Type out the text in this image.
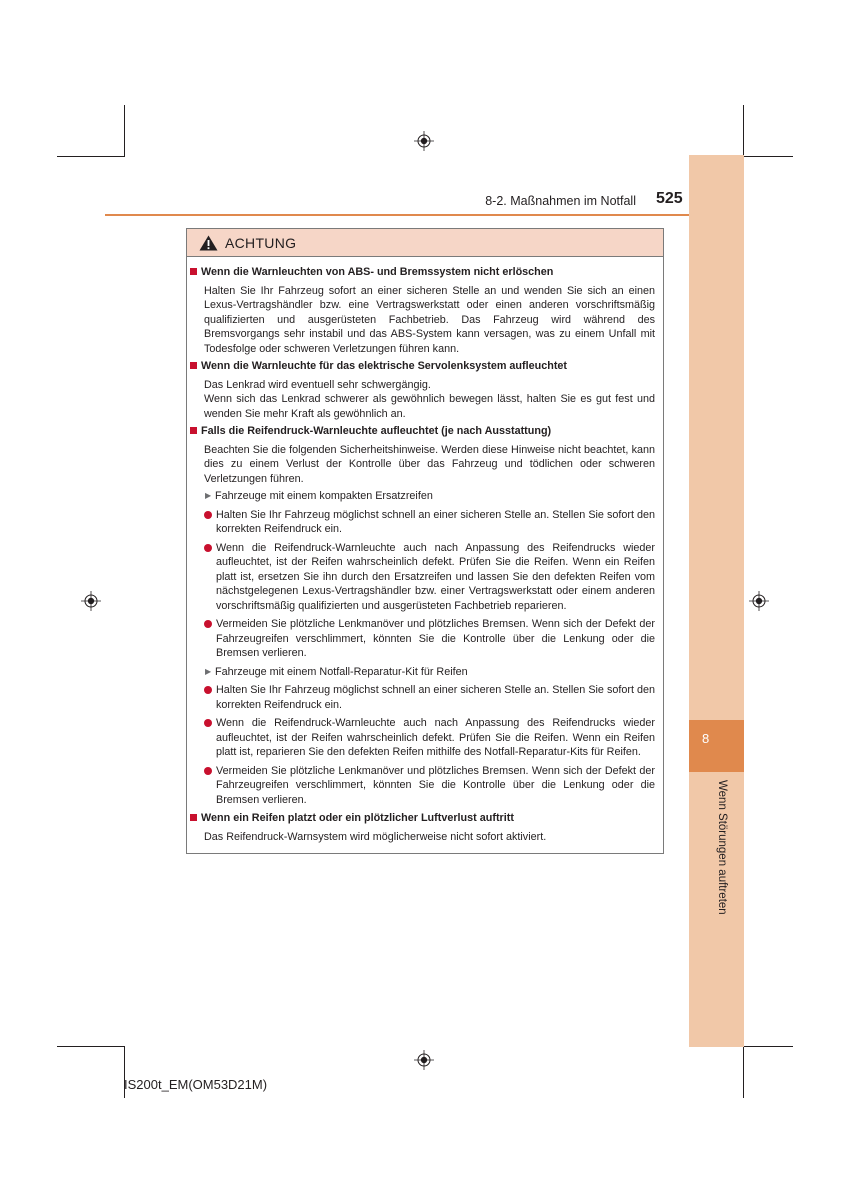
8
Wenn Störungen auftreten
8-2. Maßnahmen im Notfall 525
ACHTUNG
Wenn die Warnleuchten von ABS- und Bremssystem nicht erlöschen

Halten Sie Ihr Fahrzeug sofort an einer sicheren Stelle an und wenden Sie sich an einen Lexus-Vertragshändler bzw. eine Vertragswerkstatt oder einen anderen vorschriftsmäßig qualifizierten und ausgerüsteten Fachbetrieb. Das Fahrzeug wird während des Bremsvorgangs sehr instabil und das ABS-System kann versagen, was zu einem Unfall mit Todesfolge oder schweren Verletzungen führen kann.

Wenn die Warnleuchte für das elektrische Servolenksystem aufleuchtet

Das Lenkrad wird eventuell sehr schwergängig.

Wenn sich das Lenkrad schwerer als gewöhnlich bewegen lässt, halten Sie es gut fest und wenden Sie mehr Kraft als gewöhnlich an.

Falls die Reifendruck-Warnleuchte aufleuchtet (je nach Ausstattung)

Beachten Sie die folgenden Sicherheitshinweise. Werden diese Hinweise nicht beachtet, kann dies zu einem Verlust der Kontrolle über das Fahrzeug und tödlichen oder schweren Verletzungen führen.

▶ Fahrzeuge mit einem kompakten Ersatzreifen
Halten Sie Ihr Fahrzeug möglichst schnell an einer sicheren Stelle an. Stellen Sie sofort den korrekten Reifendruck ein.
Wenn die Reifendruck-Warnleuchte auch nach Anpassung des Reifendrucks wieder aufleuchtet, ist der Reifen wahrscheinlich defekt. Prüfen Sie die Reifen. Wenn ein Reifen platt ist, ersetzen Sie ihn durch den Ersatzreifen und lassen Sie den defekten Reifen vom nächstgelegenen Lexus-Vertragshändler bzw. einer Vertragswerkstatt oder einem anderen vorschriftsmäßig qualifizierten und ausgerüsteten Fachbetrieb reparieren.
Vermeiden Sie plötzliche Lenkmanöver und plötzliches Bremsen. Wenn sich der Defekt der Fahrzeugreifen verschlimmert, könnten Sie die Kontrolle über die Lenkung oder die Bremsen verlieren.
▶ Fahrzeuge mit einem Notfall-Reparatur-Kit für Reifen
Halten Sie Ihr Fahrzeug möglichst schnell an einer sicheren Stelle an. Stellen Sie sofort den korrekten Reifendruck ein.
Wenn die Reifendruck-Warnleuchte auch nach Anpassung des Reifendrucks wieder aufleuchtet, ist der Reifen wahrscheinlich defekt. Prüfen Sie die Reifen. Wenn ein Reifen platt ist, reparieren Sie den defekten Reifen mithilfe des Notfall-Reparatur-Kits für Reifen.
Vermeiden Sie plötzliche Lenkmanöver und plötzliches Bremsen. Wenn sich der Defekt der Fahrzeugreifen verschlimmert, könnten Sie die Kontrolle über die Lenkung oder die Bremsen verlieren.
Wenn ein Reifen platzt oder ein plötzlicher Luftverlust auftritt

Das Reifendruck-Warnsystem wird möglicherweise nicht sofort aktiviert.

IS200t_EM(OM53D21M)
